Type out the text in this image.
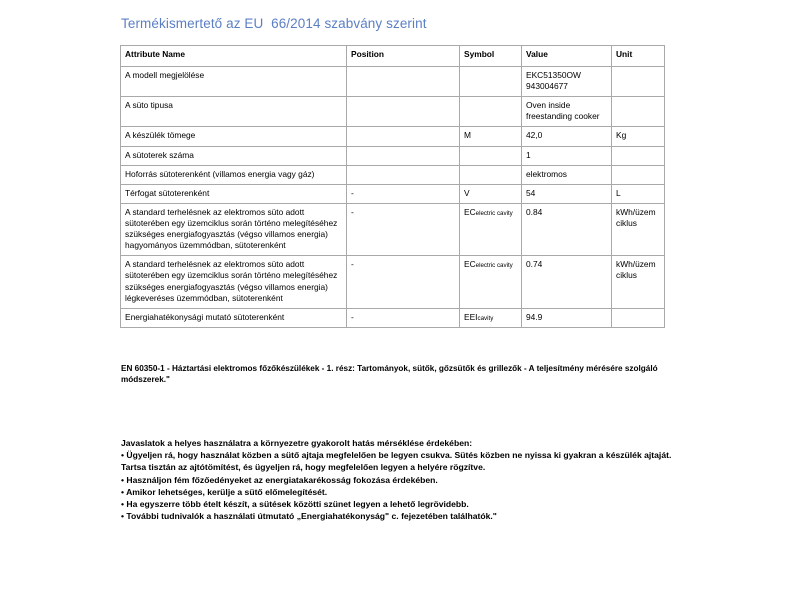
Termékismertető az EU  66/2014 szabvány szerint
Attribute Name	Position	Symbol	Value	Unit
A modell megjelölése			EKC51350OW 943004677	
A süto tipusa			Oven inside freestanding cooker	
A készülék tömege		M	42,0	Kg
A sütoterek száma			1	
Hoforrás sütoterenként (villamos energia vagy gáz)			elektromos	
Térfogat sütoterenként	-	V	54	L
A standard terhelésnek az elektromos süto adott sütoterében egy üzemciklus során történo melegítéséhez szükséges energiafogyasztás (végso villamos energia) hagyományos üzemmódban, sütoterenként	-	ECelectric cavity	0.84	kWh/üzem ciklus
A standard terhelésnek az elektromos süto adott sütoterében egy üzemciklus során történo melegítéséhez szükséges energiafogyasztás (végso villamos energia) légkeveréses üzemmódban, sütoterenként	-	ECelectric cavity	0.74	kWh/üzem ciklus
Energiahatékonysági mutató sütoterenként	-	EEIcavity	94.9	
EN 60350-1 - Háztartási elektromos főzőkészülékek - 1. rész: Tartományok, sütők, gőzsütők és grillezők - A teljesítmény mérésére szolgáló módszerek."
Javaslatok a helyes használatra a környezetre gyakorolt hatás mérséklése érdekében:
• Ügyeljen rá, hogy használat közben a sütő ajtaja megfelelően be legyen csukva. Sütés közben ne nyissa ki gyakran a készülék ajtaját. Tartsa tisztán az ajtótömítést, és ügyeljen rá, hogy megfelelően legyen a helyére rögzítve.
• Használjon fém főzőedényeket az energiatakarékosság fokozása érdekében.
• Amikor lehetséges, kerülje a sütő előmelegítését.
• Ha egyszerre több ételt készít, a sütések közötti szünet legyen a lehető legrövidebb.
• További tudnivalók a használati útmutató „Energiahatékonyság" c. fejezetében találhatók."
